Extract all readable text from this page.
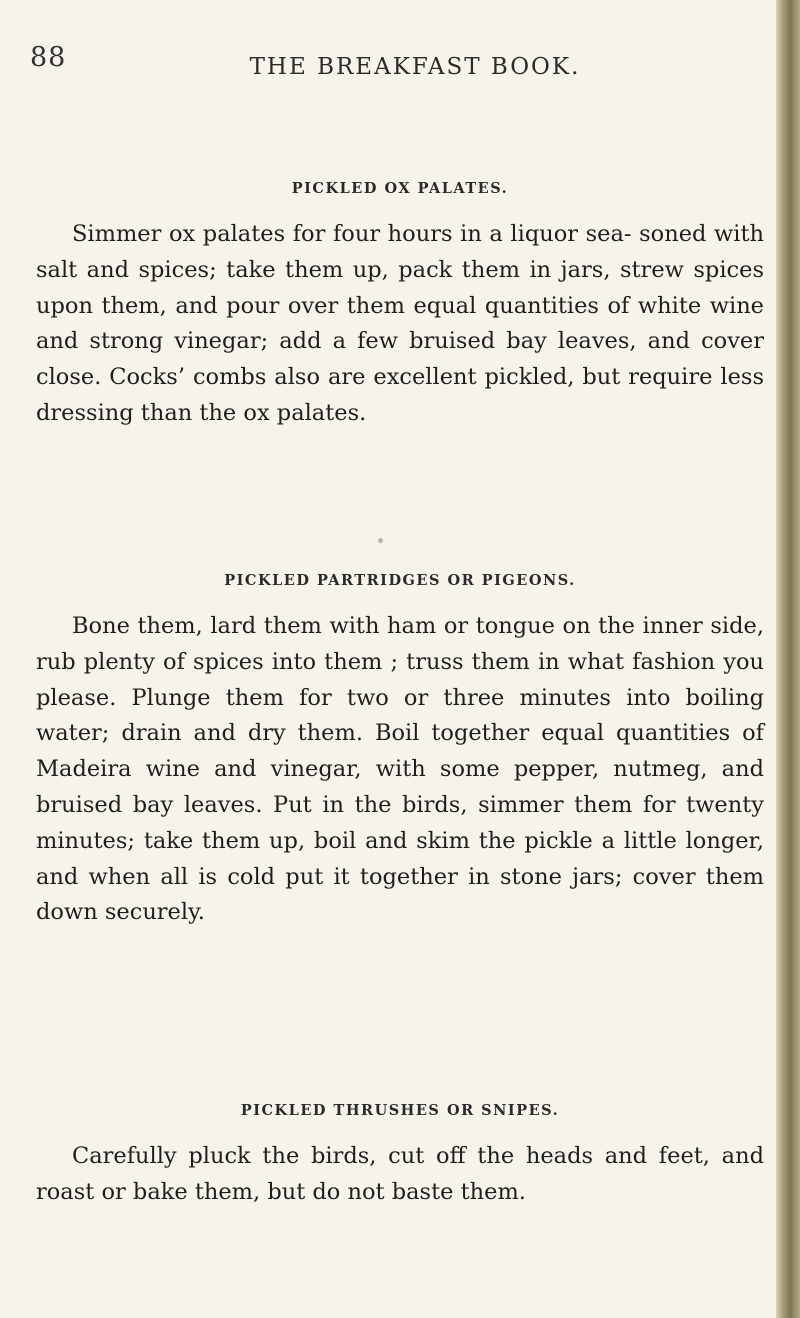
88	THE BREAKFAST BOOK.
PICKLED OX PALATES.

Simmer ox palates for four hours in a liquor sea- soned with salt and spices; take them up, pack them in jars, strew spices upon them, and pour over them equal quantities of white wine and strong vinegar; add a few bruised bay leaves, and cover close. Cocks’ combs also are excellent pickled, but require less dressing than the ox palates.

PICKLED PARTRIDGES OR PIGEONS.

Bone them, lard them with ham or tongue on the inner side, rub plenty of spices into them ; truss them in what fashion you please. Plunge them for two or three minutes into boiling water; drain and dry them. Boil together equal quantities of Madeira wine and vinegar, with some pepper, nutmeg, and bruised bay leaves. Put in the birds, simmer them for twenty minutes; take them up, boil and skim the pickle a little longer, and when all is cold put it together in stone jars; cover them down securely.

PICKLED THRUSHES OR SNIPES.

Carefully pluck the birds, cut off the heads and feet, and roast or bake them, but do not baste them.
